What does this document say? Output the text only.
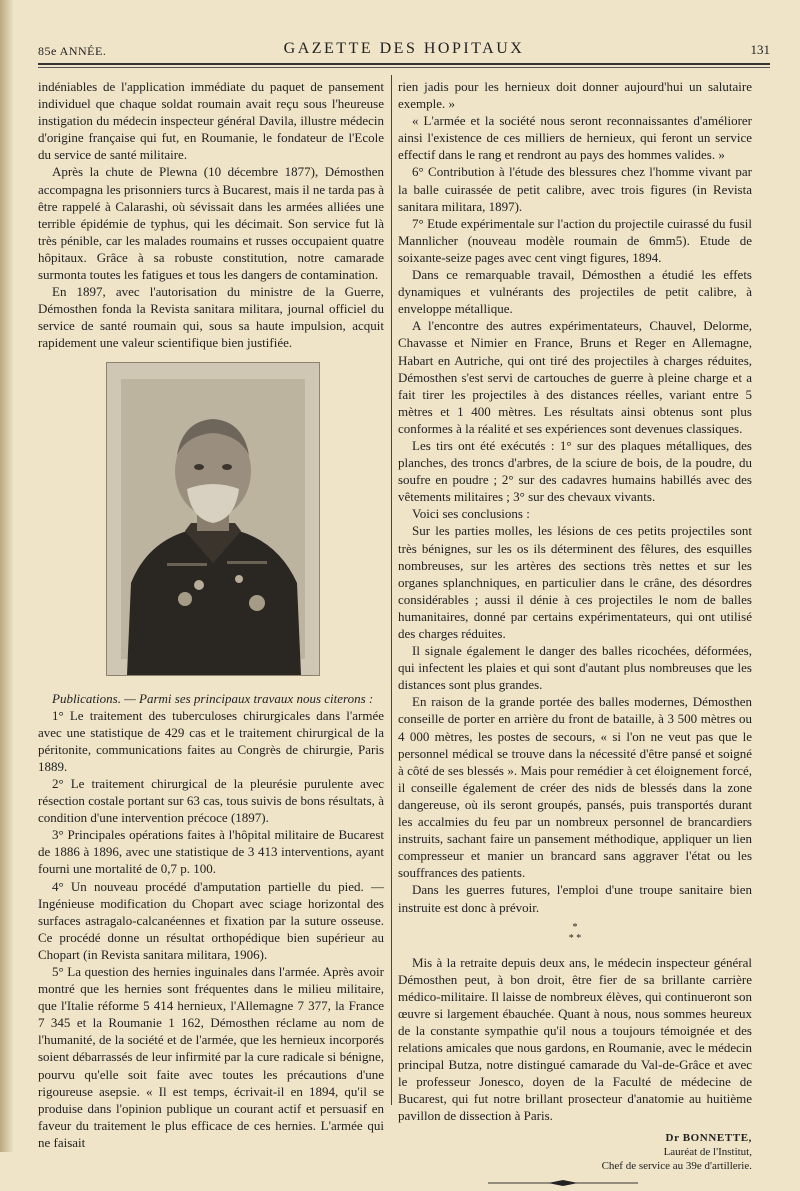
85e ANNÉE.	GAZETTE DES HOPITAUX	131

indéniables de l'application immédiate du paquet de pansement individuel que chaque soldat roumain avait reçu sous l'heureuse instigation du médecin inspecteur général Davila, illustre médecin d'origine française qui fut, en Roumanie, le fondateur de l'Ecole du service de santé militaire.

Après la chute de Plewna (10 décembre 1877), Démosthen accompagna les prisonniers turcs à Bucarest, mais il ne tarda pas à être rappelé à Calarashi, où sévissait dans les armées alliées une terrible épidémie de typhus, qui les décimait. Son service fut là très pénible, car les malades roumains et russes occupaient quatre hôpitaux. Grâce à sa robuste constitution, notre camarade surmonta toutes les fatigues et tous les dangers de contamination.

En 1897, avec l'autorisation du ministre de la Guerre, Démosthen fonda la Revista sanitara militara, journal officiel du service de santé roumain qui, sous sa haute impulsion, acquit rapidement une valeur scientifique bien justifiée.

Publications. — Parmi ses principaux travaux nous citerons :

1° Le traitement des tuberculoses chirurgicales dans l'armée avec une statistique de 429 cas et le traitement chirurgical de la péritonite, communications faites au Congrès de chirurgie, Paris 1889.

2° Le traitement chirurgical de la pleurésie purulente avec résection costale portant sur 63 cas, tous suivis de bons résultats, à condition d'une intervention précoce (1897).

3° Principales opérations faites à l'hôpital militaire de Bucarest de 1886 à 1896, avec une statistique de 3 413 interventions, ayant fourni une mortalité de 0,7 p. 100.

4° Un nouveau procédé d'amputation partielle du pied. — Ingénieuse modification du Chopart avec sciage horizontal des surfaces astragalo-calcanéennes et fixation par la suture osseuse. Ce procédé donne un résultat orthopédique bien supérieur au Chopart (in Revista sanitara militara, 1906).

5° La question des hernies inguinales dans l'armée. Après avoir montré que les hernies sont fréquentes dans le milieu militaire, que l'Italie réforme 5 414 hernieux, l'Allemagne 7 377, la France 7 345 et la Roumanie 1 162, Démosthen réclame au nom de l'humanité, de la société et de l'armée, que les hernieux incorporés soient débarrassés de leur infirmité par la cure radicale si bénigne, pourvu qu'elle soit faite avec toutes les précautions d'une rigoureuse asepsie. « Il est temps, écrivait-il en 1894, qu'il se produise dans l'opinion publique un courant actif et persuasif en faveur du traitement le plus efficace de ces hernies. L'armée qui ne faisait

rien jadis pour les hernieux doit donner aujourd'hui un salutaire exemple. »

« L'armée et la société nous seront reconnaissantes d'améliorer ainsi l'existence de ces milliers de hernieux, qui feront un service effectif dans le rang et rendront au pays des hommes valides. »

6° Contribution à l'étude des blessures chez l'homme vivant par la balle cuirassée de petit calibre, avec trois figures (in Revista sanitara militara, 1897).

7° Etude expérimentale sur l'action du projectile cuirassé du fusil Mannlicher (nouveau modèle roumain de 6mm5). Etude de soixante-seize pages avec cent vingt figures, 1894.

Dans ce remarquable travail, Démosthen a étudié les effets dynamiques et vulnérants des projectiles de petit calibre, à enveloppe métallique.

A l'encontre des autres expérimentateurs, Chauvel, Delorme, Chavasse et Nimier en France, Bruns et Reger en Allemagne, Habart en Autriche, qui ont tiré des projectiles à charges réduites, Démosthen s'est servi de cartouches de guerre à pleine charge et a fait tirer les projectiles à des distances réelles, variant entre 5 mètres et 1 400 mètres. Les résultats ainsi obtenus sont plus conformes à la réalité et ses expériences sont devenues classiques.

Les tirs ont été exécutés : 1° sur des plaques métalliques, des planches, des troncs d'arbres, de la sciure de bois, de la poudre, du soufre en poudre ; 2° sur des cadavres humains habillés avec des vêtements militaires ; 3° sur des chevaux vivants.

Voici ses conclusions :

Sur les parties molles, les lésions de ces petits projectiles sont très bénignes, sur les os ils déterminent des fêlures, des esquilles nombreuses, sur les artères des sections très nettes et sur les organes splanchniques, en particulier dans le crâne, des désordres considérables ; aussi il dénie à ces projectiles le nom de balles humanitaires, donné par certains expérimentateurs, qui ont utilisé des charges réduites.

Il signale également le danger des balles ricochées, déformées, qui infectent les plaies et qui sont d'autant plus nombreuses que les distances sont plus grandes.

En raison de la grande portée des balles modernes, Démosthen conseille de porter en arrière du front de bataille, à 3 500 mètres ou 4 000 mètres, les postes de secours, « si l'on ne veut pas que le personnel médical se trouve dans la nécessité d'être pansé et soigné à côté de ses blessés ». Mais pour remédier à cet éloignement forcé, il conseille également de créer des nids de blessés dans la zone dangereuse, où ils seront groupés, pansés, puis transportés durant les accalmies du feu par un nombreux personnel de brancardiers instruits, sachant faire un pansement méthodique, appliquer un lien compresseur et manier un brancard sans aggraver l'état ou les souffrances des patients.

Dans les guerres futures, l'emploi d'une troupe sanitaire bien instruite est donc à prévoir.

*
* *

Mis à la retraite depuis deux ans, le médecin inspecteur général Démosthen peut, à bon droit, être fier de sa brillante carrière médico-militaire. Il laisse de nombreux élèves, qui continueront son œuvre si largement ébauchée. Quant à nous, nous sommes heureux de la constante sympathie qu'il nous a toujours témoignée et des relations amicales que nous gardons, en Roumanie, avec le médecin principal Butza, notre distingué camarade du Val-de-Grâce et avec le professeur Jonesco, doyen de la Faculté de médecine de Bucarest, qui fut notre brillant prosecteur d'anatomie au huitième pavillon de dissection à Paris.

Dr BONNETTE,
Lauréat de l'Institut,
Chef de service au 39e d'artillerie.
